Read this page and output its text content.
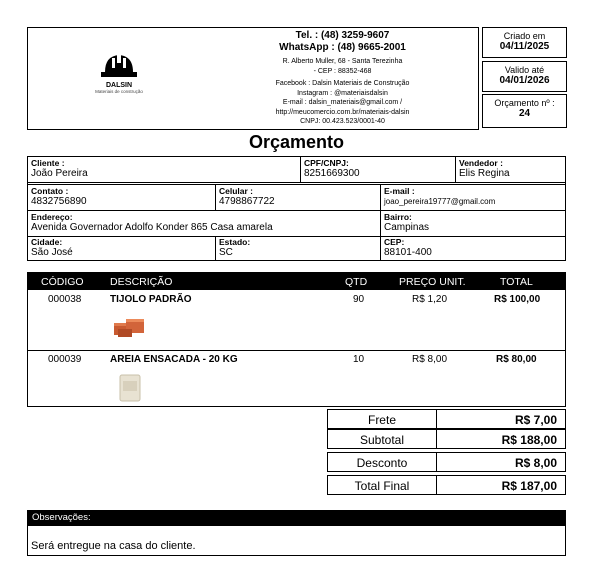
DALSIN
Materiais de construção
Tel. : (48) 3259-9607
WhatsApp : (48) 9665-2001
R. Alberto Muller, 68 - Santa Terezinha
- CEP : 88352-468
Facebook : Dalsin Materiais de Construção
Instagram : @materiaisdalsin
E-mail : dalsin_materiais@gmail.com /
http://meucomercio.com.br/materiais-dalsin
CNPJ: 00.423.523/0001-40
Criado em
04/11/2025
Valido até
04/01/2026
Orçamento nº :
24
Orçamento
Cliente :
João Pereira
CPF/CNPJ:
8251669300
Vendedor :
Elis Regina
Contato :
4832756890
Celular :
4798867722
E-mail :
joao_pereira19777@gmail.com
Endereço:
Avenida Governador Adolfo Konder 865 Casa amarela
Bairro:
Campinas
Cidade:
São José
Estado:
SC
CEP:
88101-400
CÓDIGO	DESCRIÇÃO	QTD	PREÇO UNIT.	TOTAL
000038	TIJOLO PADRÃO	90	R$ 1,20	R$ 100,00
000039	AREIA ENSACADA - 20 KG	10	R$ 8,00	R$ 80,00
Frete	R$ 7,00
Subtotal	R$ 188,00
Desconto	R$ 8,00
Total Final	R$ 187,00
Observações:
Será entregue na casa do cliente.
